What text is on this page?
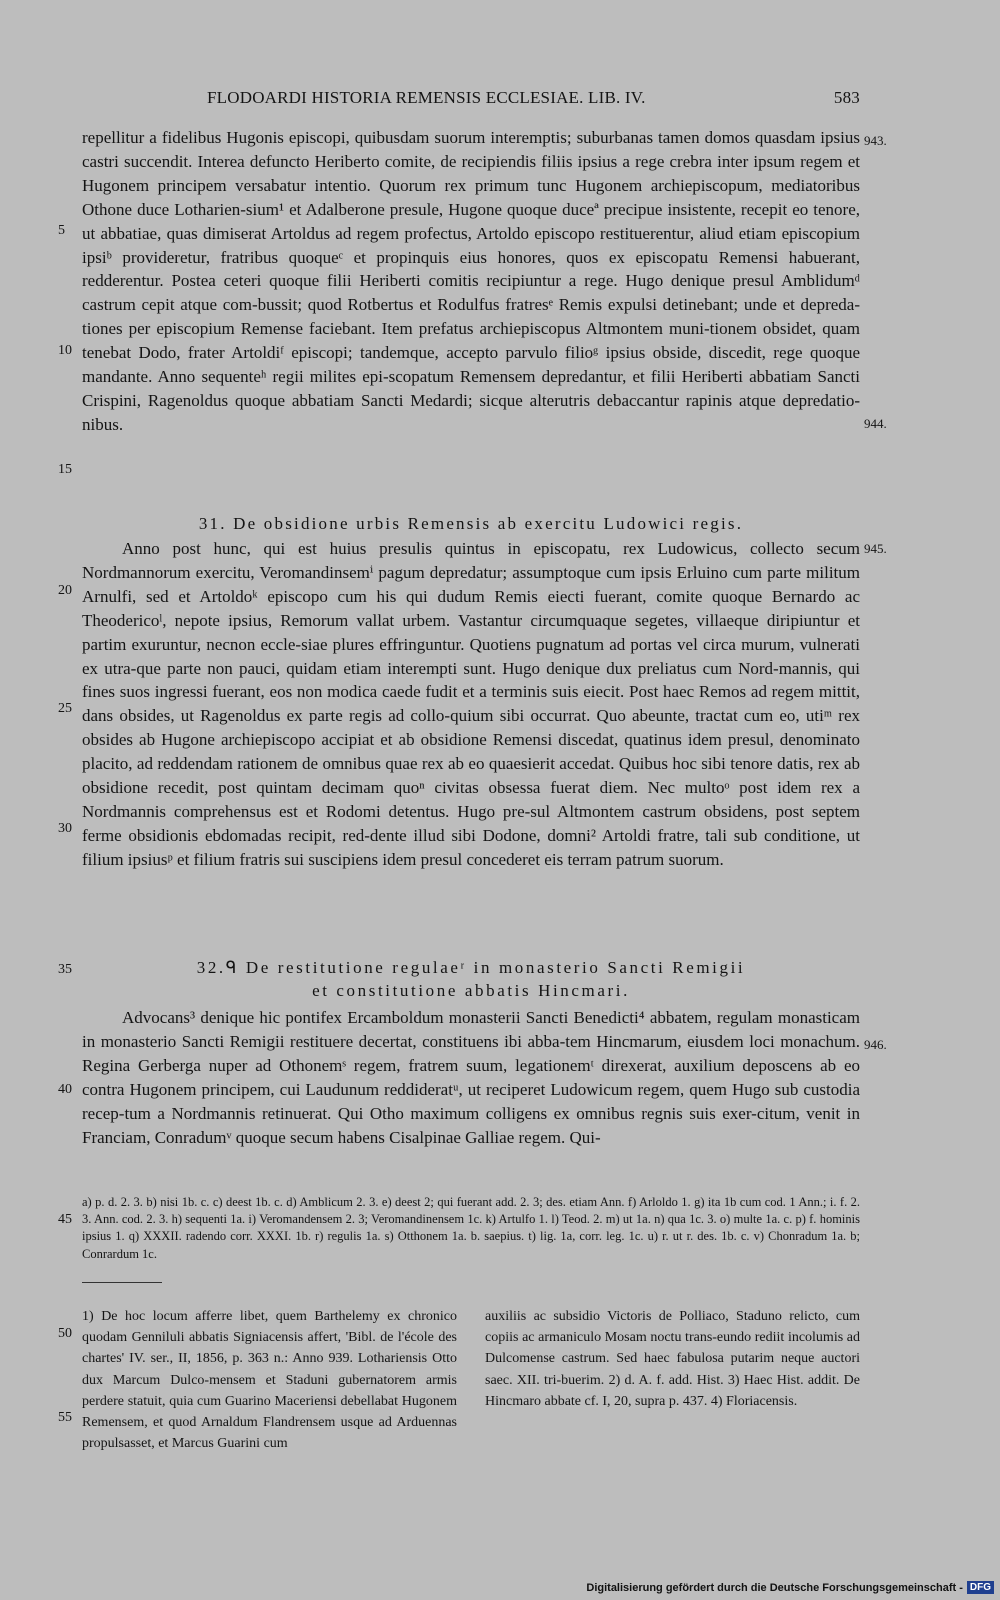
FLODOARDI HISTORIA REMENSIS ECCLESIAE. LIB. IV.	583
5
10
15
20
25
30
35
40
45
50
55
943.
944.
945.
946.

repellitur a fidelibus Hugonis episcopi, quibusdam suorum interemptis; suburbanas tamen domos quasdam ipsius castri succendit. Interea defuncto Heriberto comite, de recipiendis filiis ipsius a rege crebra inter ipsum regem et Hugonem principem versabatur intentio. Quorum rex primum tunc Hugonem archiepiscopum, mediatoribus Othone duce Lotharien-sium¹ et Adalberone presule, Hugone quoque duceª precipue insistente, recepit eo tenore, ut abbatiae, quas dimiserat Artoldus ad regem profectus, Artoldo episcopo restituerentur, aliud etiam episcopium ipsiᵇ provideretur, fratribus quoqueᶜ et propinquis eius honores, quos ex episcopatu Remensi habuerant, redderentur. Postea ceteri quoque filii Heriberti comitis recipiuntur a rege. Hugo denique presul Amblidumᵈ castrum cepit atque com-bussit; quod Rotbertus et Rodulfus fratresᵉ Remis expulsi detinebant; unde et depreda-tiones per episcopium Remense faciebant. Item prefatus archiepiscopus Altmontem muni-tionem obsidet, quam tenebat Dodo, frater Artoldiᶠ episcopi; tandemque, accepto parvulo filioᵍ ipsius obside, discedit, rege quoque mandante. Anno sequenteʰ regii milites epi-scopatum Remensem depredantur, et filii Heriberti abbatiam Sancti Crispini, Ragenoldus quoque abbatiam Sancti Medardi; sicque alterutris debaccantur rapinis atque depredatio-nibus.

31. De obsidione urbis Remensis ab exercitu Ludowici regis.

Anno post hunc, qui est huius presulis quintus in episcopatu, rex Ludowicus, collecto secum Nordmannorum exercitu, Veromandinsemⁱ pagum depredatur; assumptoque cum ipsis Erluino cum parte militum Arnulfi, sed et Artoldoᵏ episcopo cum his qui dudum Remis eiecti fuerant, comite quoque Bernardo ac Theodericoˡ, nepote ipsius, Remorum vallat urbem. Vastantur circumquaque segetes, villaeque diripiuntur et partim exuruntur, necnon eccle-siae plures effringuntur. Quotiens pugnatum ad portas vel circa murum, vulnerati ex utra-que parte non pauci, quidam etiam interempti sunt. Hugo denique dux preliatus cum Nord-mannis, qui fines suos ingressi fuerant, eos non modica caede fudit et a terminis suis eiecit. Post haec Remos ad regem mittit, dans obsides, ut Ragenoldus ex parte regis ad collo-quium sibi occurrat. Quo abeunte, tractat cum eo, utiᵐ rex obsides ab Hugone archiepiscopo accipiat et ab obsidione Remensi discedat, quatinus idem presul, denominato placito, ad reddendam rationem de omnibus quae rex ab eo quaesierit accedat. Quibus hoc sibi tenore datis, rex ab obsidione recedit, post quintam decimam quoⁿ civitas obsessa fuerat diem. Nec multoᵒ post idem rex a Nordmannis comprehensus est et Rodomi detentus. Hugo pre-sul Altmontem castrum obsidens, post septem ferme obsidionis ebdomadas recipit, red-dente illud sibi Dodone, domni² Artoldi fratre, tali sub conditione, ut filium ipsiusᵖ et filium fratris sui suscipiens idem presul concederet eis terram patrum suorum.

32.ᑫ De restitutione regulaeʳ in monasterio Sancti Remigii
et constitutione abbatis Hincmari.

Advocans³ denique hic pontifex Ercamboldum monasterii Sancti Benedicti⁴ abbatem, regulam monasticam in monasterio Sancti Remigii restituere decertat, constituens ibi abba-tem Hincmarum, eiusdem loci monachum. Regina Gerberga nuper ad Othonemˢ regem, fratrem suum, legationemᵗ direxerat, auxilium deposcens ab eo contra Hugonem principem, cui Laudunum reddideratᵘ, ut reciperet Ludowicum regem, quem Hugo sub custodia recep-tum a Nordmannis retinuerat. Qui Otho maximum colligens ex omnibus regnis suis exer-citum, venit in Franciam, Conradumᵛ quoque secum habens Cisalpinae Galliae regem. Qui-

a) p. d. 2. 3. b) nisi 1b. c. c) deest 1b. c. d) Amblicum 2. 3. e) deest 2; qui fuerant add. 2. 3; des. etiam Ann. f) Arloldo 1. g) ita 1b cum cod. 1 Ann.; i. f. 2. 3. Ann. cod. 2. 3. h) sequenti 1a. i) Veromandensem 2. 3; Veromandinensem 1c. k) Artulfo 1. l) Teod. 2. m) ut 1a. n) qua 1c. 3. o) multe 1a. c. p) f. hominis ipsius 1. q) XXXII. radendo corr. XXXI. 1b. r) regulis 1a. s) Otthonem 1a. b. saepius. t) lig. 1a, corr. leg. 1c. u) r. ut r. des. 1b. c. v) Chonradum 1a. b; Conrardum 1c.
1) De hoc locum afferre libet, quem Barthelemy ex chronico quodam Genniluli abbatis Signiacensis affert, 'Bibl. de l'école des chartes' IV. ser., II, 1856, p. 363 n.: Anno 939. Lothariensis Otto dux Marcum Dulco-mensem et Staduni gubernatorem armis perdere statuit, quia cum Guarino Maceriensi debellabat Hugonem Remensem, et quod Arnaldum Flandrensem usque ad Arduennas propulsasset, et Marcus Guarini cum
auxiliis ac subsidio Victoris de Polliaco, Staduno relicto, cum copiis ac armaniculo Mosam noctu trans-eundo rediit incolumis ad Dulcomense castrum. Sed haec fabulosa putarim neque auctori saec. XII. tri-buerim. 2) d. A. f. add. Hist. 3) Haec Hist. addit. De Hincmaro abbate cf. I, 20, supra p. 437. 4) Floriacensis.
Digitalisierung gefördert durch die Deutsche Forschungsgemeinschaft - DFG
